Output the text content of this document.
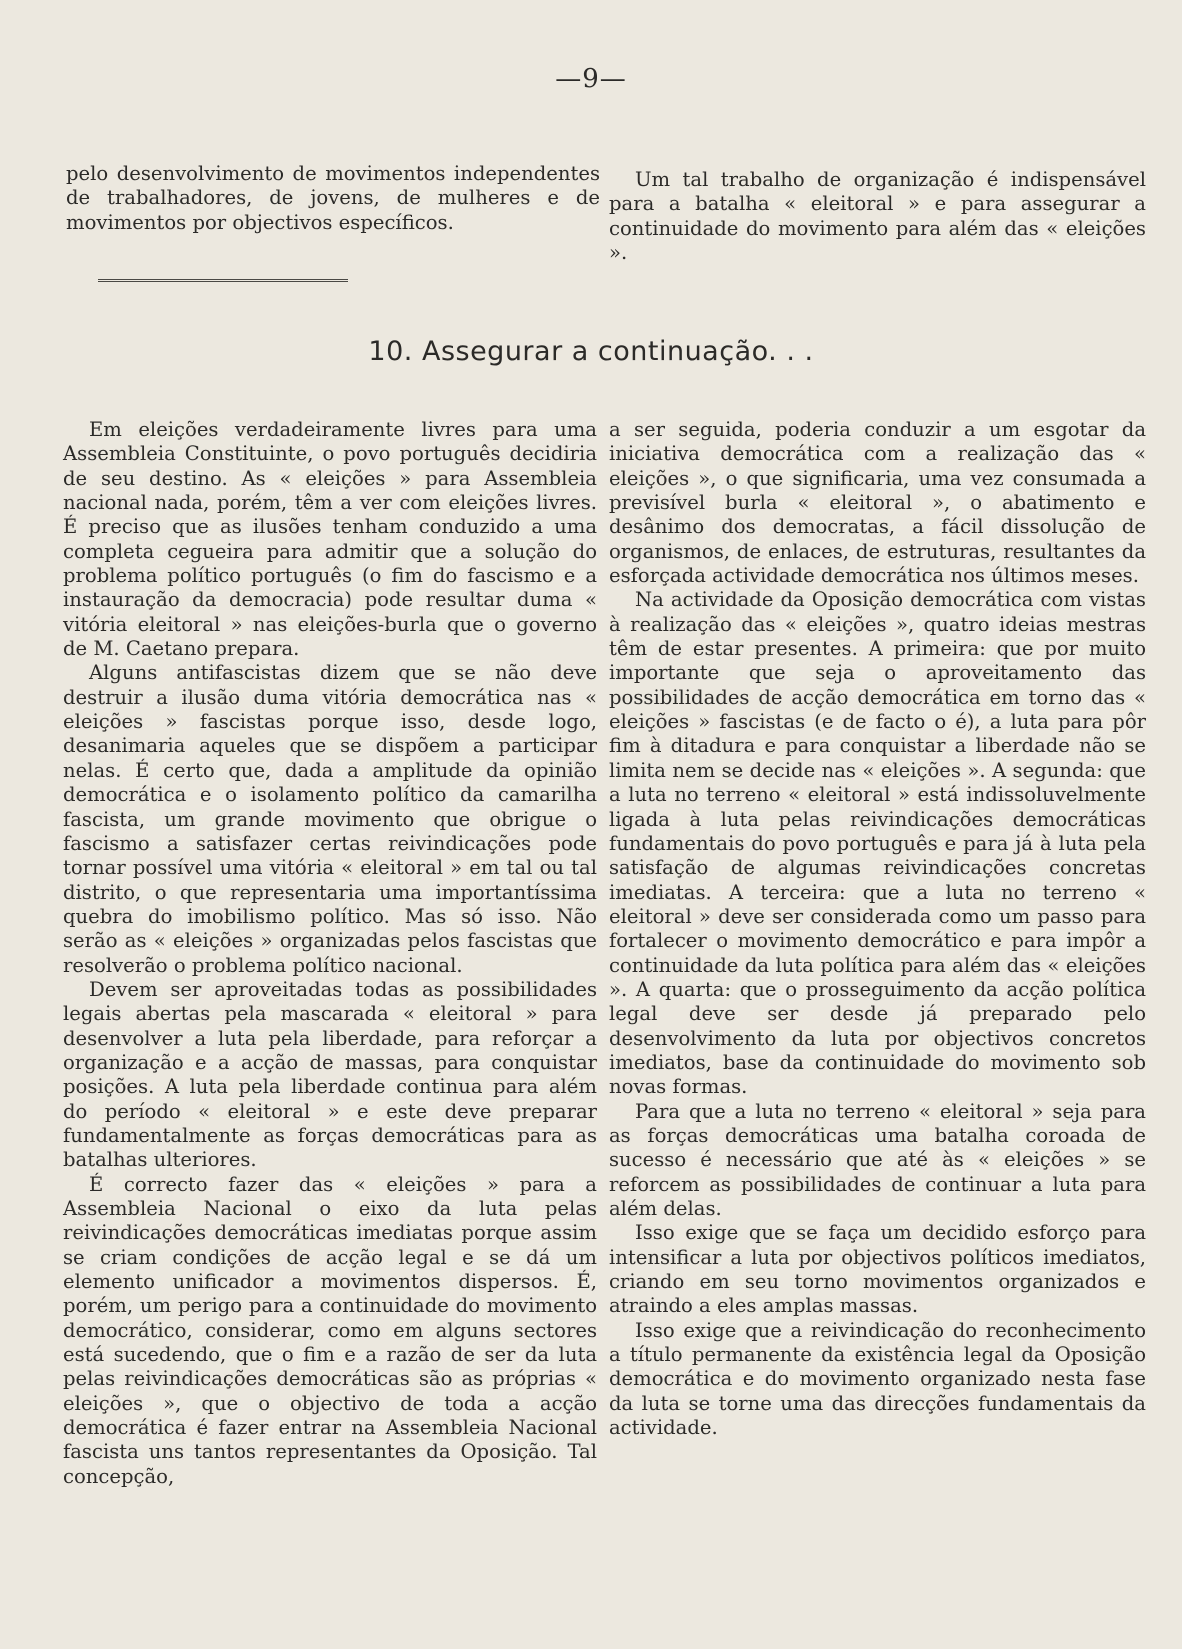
—9—

pelo desenvolvimento de movimentos independentes de trabalhadores, de jovens, de mulheres e de movimentos por objectivos específicos.

Um tal trabalho de organização é indispensável para a batalha « eleitoral » e para assegurar a continuidade do movimento para além das « eleições ».

10. Assegurar a continuação. . .

Em eleições verdadeiramente livres para uma Assembleia Constituinte, o povo português decidiria de seu destino. As « eleições » para Assembleia nacional nada, porém, têm a ver com eleições livres. É preciso que as ilusões tenham conduzido a uma completa cegueira para admitir que a solução do problema político português (o fim do fascismo e a instauração da democracia) pode resultar duma « vitória eleitoral » nas eleições-burla que o governo de M. Caetano prepara.

Alguns antifascistas dizem que se não deve destruir a ilusão duma vitória democrática nas « eleições » fascistas porque isso, desde logo, desanimaria aqueles que se dispõem a participar nelas. É certo que, dada a amplitude da opinião democrática e o isolamento político da camarilha fascista, um grande movimento que obrigue o fascismo a satisfazer certas reivindicações pode tornar possível uma vitória « eleitoral » em tal ou tal distrito, o que representaria uma importantíssima quebra do imobilismo político. Mas só isso. Não serão as « eleições » organizadas pelos fascistas que resolverão o problema político nacional.

Devem ser aproveitadas todas as possibilidades legais abertas pela mascarada « eleitoral » para desenvolver a luta pela liberdade, para reforçar a organização e a acção de massas, para conquistar posições. A luta pela liberdade continua para além do período « eleitoral » e este deve preparar fundamentalmente as forças democráticas para as batalhas ulteriores.

É correcto fazer das « eleições » para a Assembleia Nacional o eixo da luta pelas reivindicações democráticas imediatas porque assim se criam condições de acção legal e se dá um elemento unificador a movimentos dispersos. É, porém, um perigo para a continuidade do movimento democrático, considerar, como em alguns sectores está sucedendo, que o fim e a razão de ser da luta pelas reivindicações democráticas são as próprias « eleições », que o objectivo de toda a acção democrática é fazer entrar na Assembleia Nacional fascista uns tantos representantes da Oposição. Tal concepção,

a ser seguida, poderia conduzir a um esgotar da iniciativa democrática com a realização das « eleições », o que significaria, uma vez consumada a previsível burla « eleitoral », o abatimento e desânimo dos democratas, a fácil dissolução de organismos, de enlaces, de estruturas, resultantes da esforçada actividade democrática nos últimos meses.

Na actividade da Oposição democrática com vistas à realização das « eleições », quatro ideias mestras têm de estar presentes. A primeira: que por muito importante que seja o aproveitamento das possibilidades de acção democrática em torno das « eleições » fascistas (e de facto o é), a luta para pôr fim à ditadura e para conquistar a liberdade não se limita nem se decide nas « eleições ». A segunda: que a luta no terreno « eleitoral » está indissoluvelmente ligada à luta pelas reivindicações democráticas fundamentais do povo português e para já à luta pela satisfação de algumas reivindicações concretas imediatas. A terceira: que a luta no terreno « eleitoral » deve ser considerada como um passo para fortalecer o movimento democrático e para impôr a continuidade da luta política para além das « eleições ». A quarta: que o prosseguimento da acção política legal deve ser desde já preparado pelo desenvolvimento da luta por objectivos concretos imediatos, base da continuidade do movimento sob novas formas.

Para que a luta no terreno « eleitoral » seja para as forças democráticas uma batalha coroada de sucesso é necessário que até às « eleições » se reforcem as possibilidades de continuar a luta para além delas.

Isso exige que se faça um decidido esforço para intensificar a luta por objectivos políticos imediatos, criando em seu torno movimentos organizados e atraindo a eles amplas massas.

Isso exige que a reivindicação do reconhecimento a título permanente da existência legal da Oposição democrática e do movimento organizado nesta fase da luta se torne uma das direcções fundamentais da actividade.
